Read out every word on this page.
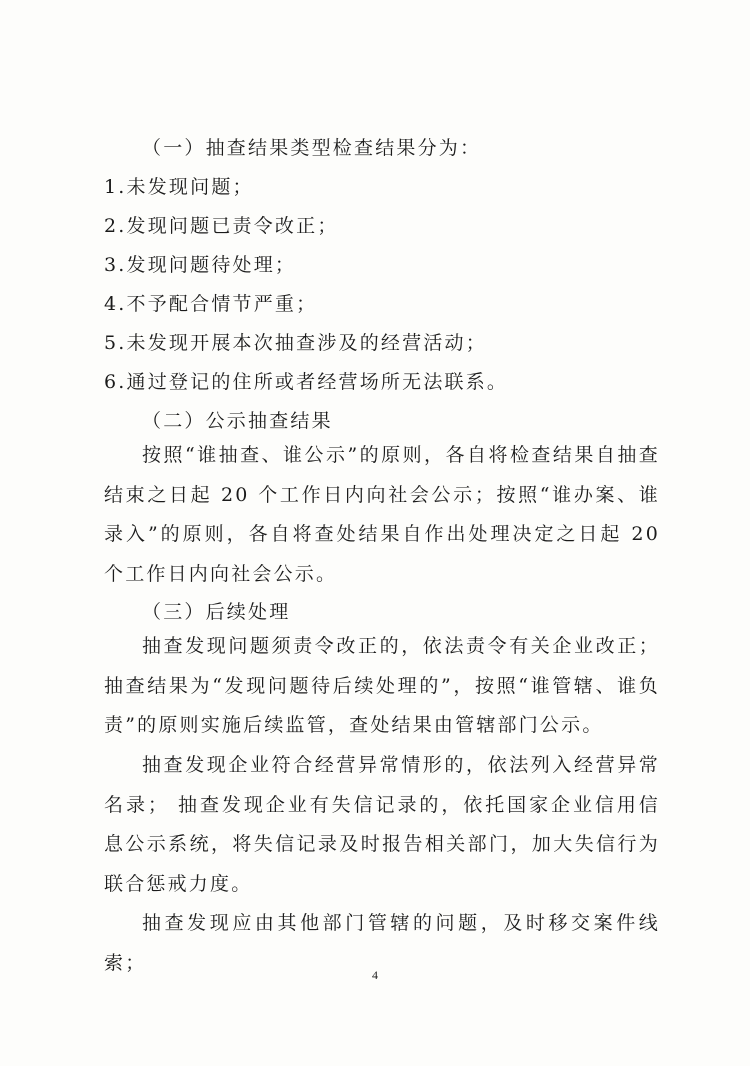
（一）抽查结果类型检查结果分为：
1.未发现问题；
2.发现问题已责令改正；
3.发现问题待处理；
4.不予配合情节严重；
5.未发现开展本次抽查涉及的经营活动；
6.通过登记的住所或者经营场所无法联系。
（二）公示抽查结果
按照“谁抽查、谁公示”的原则，各自将检查结果自抽查结束之日起 20 个工作日内向社会公示；按照“谁办案、谁录入”的原则，各自将查处结果自作出处理决定之日起 20 个工作日内向社会公示。
（三）后续处理
抽查发现问题须责令改正的，依法责令有关企业改正；抽查结果为“发现问题待后续处理的”，按照“谁管辖、谁负责”的原则实施后续监管，查处结果由管辖部门公示。
抽查发现企业符合经营异常情形的，依法列入经营异常名录； 抽查发现企业有失信记录的，依托国家企业信用信息公示系统，将失信记录及时报告相关部门，加大失信行为联合惩戒力度。
抽查发现应由其他部门管辖的问题，及时移交案件线索；
4
